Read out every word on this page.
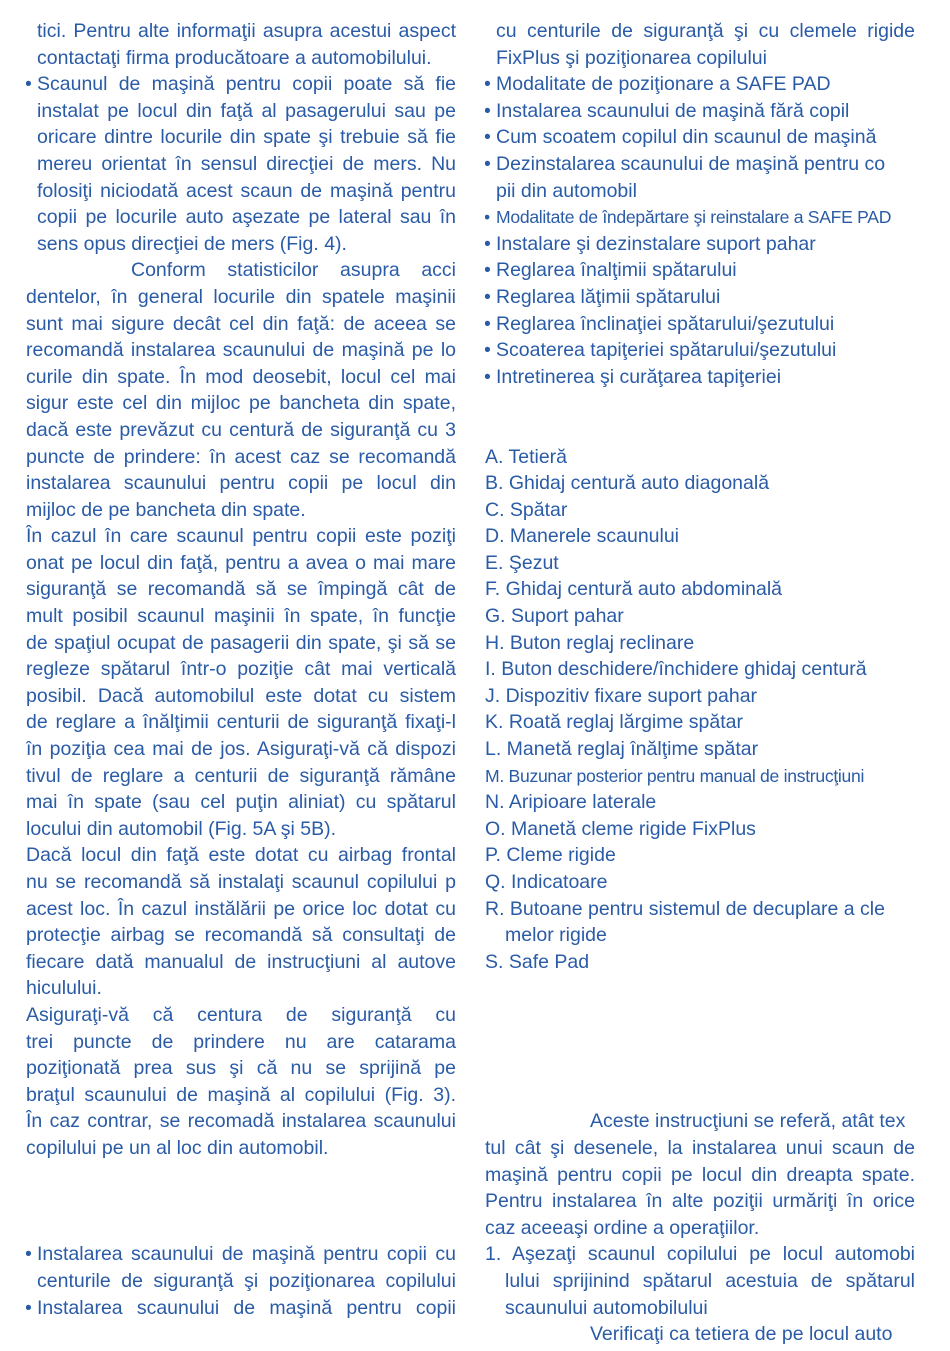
tici. Pentru alte informaţii asupra acestui aspect
contactaţi firma producătoare a automobilului.
• Scaunul de maşină pentru copii poate să fie
instalat pe locul din faţă al pasagerului sau pe
oricare dintre locurile din spate şi trebuie să fie
mereu orientat în sensul direcţiei de mers. Nu
folosiţi niciodată acest scaun de maşină pentru
copii pe locurile auto aşezate pe lateral sau în
sens opus direcţiei de mers (Fig. 4).
Conform statisticilor asupra acci
dentelor, în general locurile din spatele maşinii
sunt mai sigure decât cel din faţă: de aceea se
recomandă instalarea scaunului de maşină pe lo
curile din spate. În mod deosebit, locul cel mai
sigur este cel din mijloc pe bancheta din spate,
dacă este prevăzut cu centură de siguranţă cu 3
puncte de prindere: în acest caz se recomandă
instalarea scaunului pentru copii pe locul din
mijloc de pe bancheta din spate.
În cazul în care scaunul pentru copii este poziţi
onat pe locul din faţă, pentru a avea o mai mare
siguranţă se recomandă să se împingă cât de
mult posibil scaunul maşinii în spate, în funcţie
de spaţiul ocupat de pasagerii din spate, şi să se
regleze spătarul într-o poziţie cât mai verticală
posibil. Dacă automobilul este dotat cu sistem
de reglare a înălţimii centurii de siguranţă fixaţi-l
în poziţia cea mai de jos. Asiguraţi-vă că dispozi
tivul de reglare a centurii de siguranţă rămâne
mai în spate (sau cel puţin aliniat) cu spătarul
locului din automobil (Fig. 5A şi 5B).
Dacă locul din faţă este dotat cu airbag frontal
nu se recomandă să instalaţi scaunul copilului p
acest loc. În cazul instălării pe orice loc dotat cu
protecţie airbag se recomandă să consultaţi de
fiecare dată manualul de instrucţiuni al autove
hiculului.
Asiguraţi-vă că centura de siguranţă cu
trei puncte de prindere nu are catarama
poziţionată prea sus şi că nu se sprijină pe
braţul scaunului de maşină al copilului (Fig. 3).
În caz contrar, se recomadă instalarea scaunului
copilului pe un al loc din automobil.
• Instalarea scaunului de maşină pentru copii cu
centurile de siguranţă şi poziţionarea copilului
• Instalarea scaunului de maşină pentru copii
cu centurile de siguranţă şi cu clemele rigide
FixPlus şi poziţionarea copilului
• Modalitate de poziţionare a SAFE PAD
• Instalarea scaunului de maşină fără copil
• Cum scoatem copilul din scaunul de maşină
• Dezinstalarea scaunului de maşină pentru co
pii din automobil
• Modalitate de îndepărtare şi reinstalare a SAFE PAD
• Instalare şi dezinstalare suport pahar
• Reglarea înalţimii spătarului
• Reglarea lăţimii spătarului
• Reglarea înclinaţiei spătarului/şezutului
• Scoaterea tapiţeriei spătarului/şezutului
• Intretinerea şi curăţarea tapiţeriei
A. Tetieră
B. Ghidaj centură auto diagonală
C. Spătar
D. Manerele scaunului
E. Şezut
F. Ghidaj centură auto abdominală
G. Suport pahar
H. Buton reglaj reclinare
I. Buton deschidere/închidere ghidaj centură
J. Dispozitiv fixare suport pahar
K. Roată reglaj lărgime spătar
L. Manetă reglaj înălţime spătar
M. Buzunar posterior pentru manual de instrucţiuni
N. Aripioare laterale
O. Manetă cleme rigide FixPlus
P. Cleme rigide
Q. Indicatoare
R. Butoane pentru sistemul de decuplare a cle
melor rigide
S. Safe Pad
Aceste instrucţiuni se referă, atât tex
tul cât şi desenele, la instalarea unui scaun de
maşină pentru copii pe locul din dreapta spate.
Pentru instalarea în alte poziţii urmăriţi în orice
caz aceeaşi ordine a operaţiilor.
1. Aşezaţi scaunul copilului pe locul automobi
lului sprijinind spătarul acestuia de spătarul
scaunului automobilului
Verificaţi ca tetiera de pe locul auto
